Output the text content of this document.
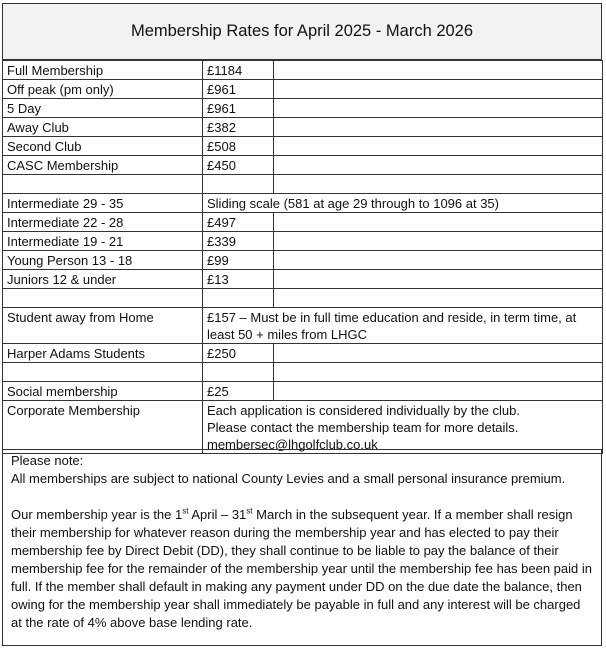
Membership Rates for April 2025 - March 2026
Full Membership	£1184	
Off peak (pm only)	£961	
5 Day	£961	
Away Club	£382	
Second Club	£508	
CASC Membership	£450	

Intermediate 29 - 35	Sliding scale (581 at age 29 through to 1096 at 35)	
Intermediate 22 - 28	£497	
Intermediate 19 - 21	£339	
Young Person 13 - 18	£99	
Juniors 12 & under	£13	

Student away from Home	£157 – Must be in full time education and reside, in term time, at least 50 + miles from LHGC	
Harper Adams Students	£250	

Social membership	£25	
Corporate Membership	Each application is considered individually by the club.
Please contact the membership team for more details.
membersec@lhgolfclub.co.uk	

Please note:

All memberships are subject to national County Levies and a small personal insurance premium.

Our membership year is the 1st April – 31st March in the subsequent year. If a member shall resign their membership for whatever reason during the membership year and has elected to pay their membership fee by Direct Debit (DD), they shall continue to be liable to pay the balance of their membership fee for the remainder of the membership year until the membership fee has been paid in full. If the member shall default in making any payment under DD on the due date the balance, then owing for the membership year shall immediately be payable in full and any interest will be charged at the rate of 4% above base lending rate.
